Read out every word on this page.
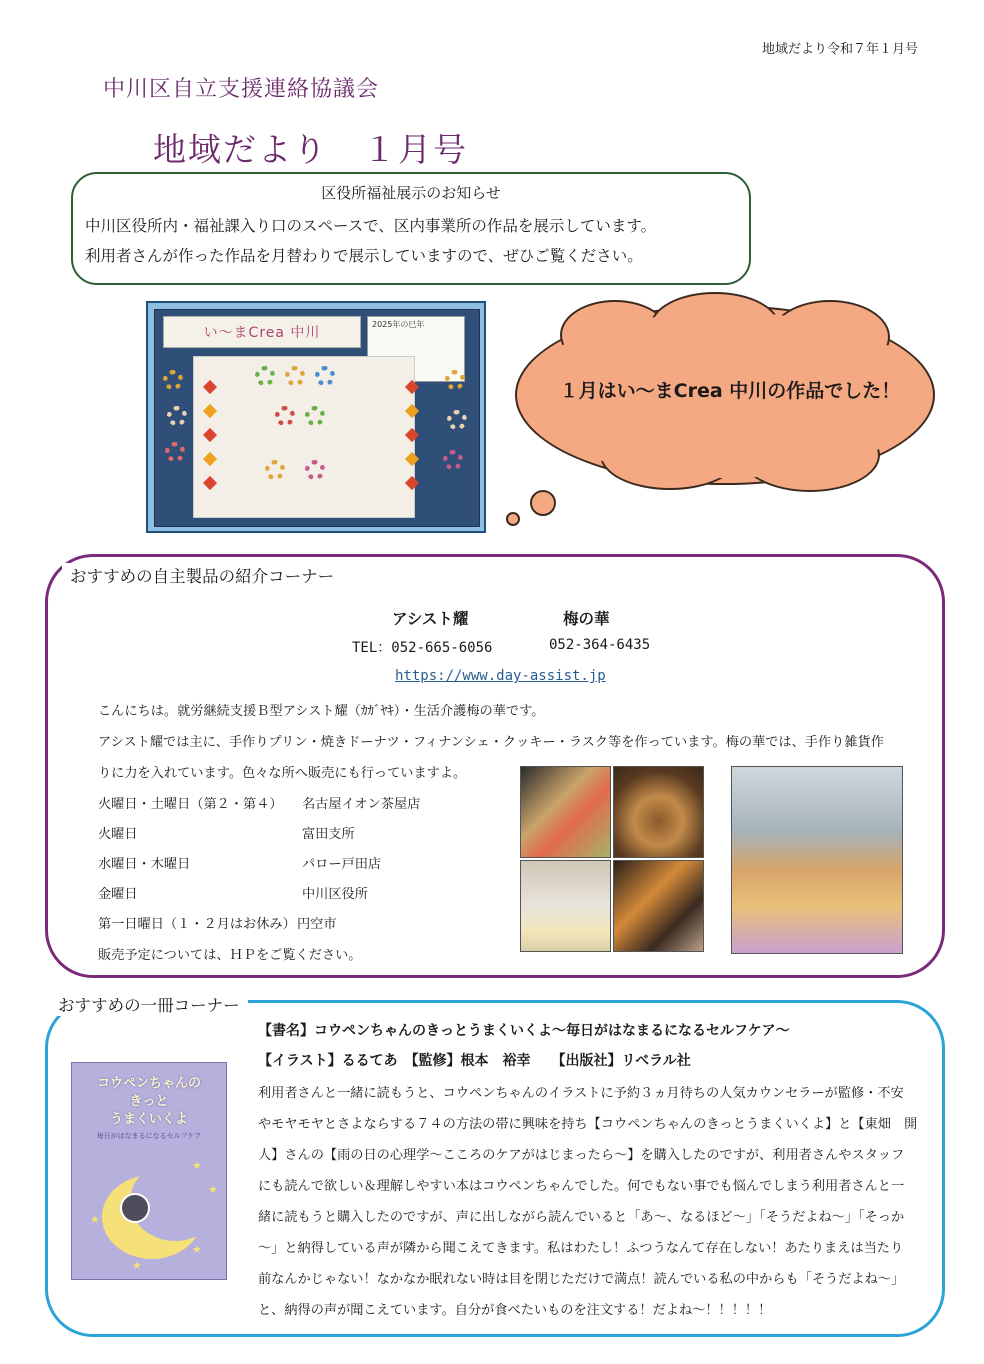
地域だより令和７年１月号
中川区自立支援連絡協議会
地域だより　１月号
区役所福祉展示のお知らせ
中川区役所内・福祉課入り口のスペースで、区内事業所の作品を展示しています。
利用者さんが作った作品を月替わりで展示していますので、ぜひご覧ください。
い〜まCrea 中川
2025年の巳年
１月はい〜まCrea 中川の作品でした！
おすすめの自主製品の紹介コーナー
アシスト耀	梅の華
TEL：052-665-6056	052-364-6435
https://www.day-assist.jp
こんにちは。就労継続支援Ｂ型アシスト耀（ｶｶﾞﾔｷ）・生活介護梅の華です。
アシスト耀では主に、手作りプリン・焼きドーナツ・フィナンシェ・クッキー・ラスク等を作っています。梅の華では、手作り雑貨作
りに力を入れています。色々な所へ販売にも行っていますよ。
火曜日・土曜日（第２・第４） 名古屋イオン茶屋店
火曜日	富田支所
水曜日・木曜日	パロー戸田店
金曜日	中川区役所
第一日曜日（１・２月はお休み） 円空市
販売予定については、ＨＰをご覧ください。
おすすめの一冊コーナー
コウペンちゃんの
きっと
うまくいくよ
毎日がはなまるになるセルフケア
★
★
★
★
★
【書名】コウペンちゃんのきっとうまくいくよ～毎日がはなまるになるセルフケア～
【イラスト】るるてあ　【監修】根本　裕幸　　【出版社】リベラル社
利用者さんと一緒に読もうと、コウペンちゃんのイラストに予約３ヵ月待ちの人気カウンセラーが監修・不安
やモヤモヤとさよならする７４の方法の帯に興味を持ち【コウペンちゃんのきっとうまくいくよ】と【東畑　開
人】さんの【雨の日の心理学～こころのケアがはじまったら～】を購入したのですが、利用者さんやスタッフ
にも読んで欲しい＆理解しやすい本はコウペンちゃんでした。何でもない事でも悩んでしまう利用者さんと一
緒に読もうと購入したのですが、声に出しながら読んでいると「あ～、なるほど～」「そうだよね～」「そっか
～」と納得している声が隣から聞こえてきます。私はわたし！ふつうなんて存在しない！あたりまえは当たり
前なんかじゃない！なかなか眠れない時は目を閉じただけで満点！読んでいる私の中からも「そうだよね～」
と、納得の声が聞こえています。自分が食べたいものを注文する！だよね～！！！！！
